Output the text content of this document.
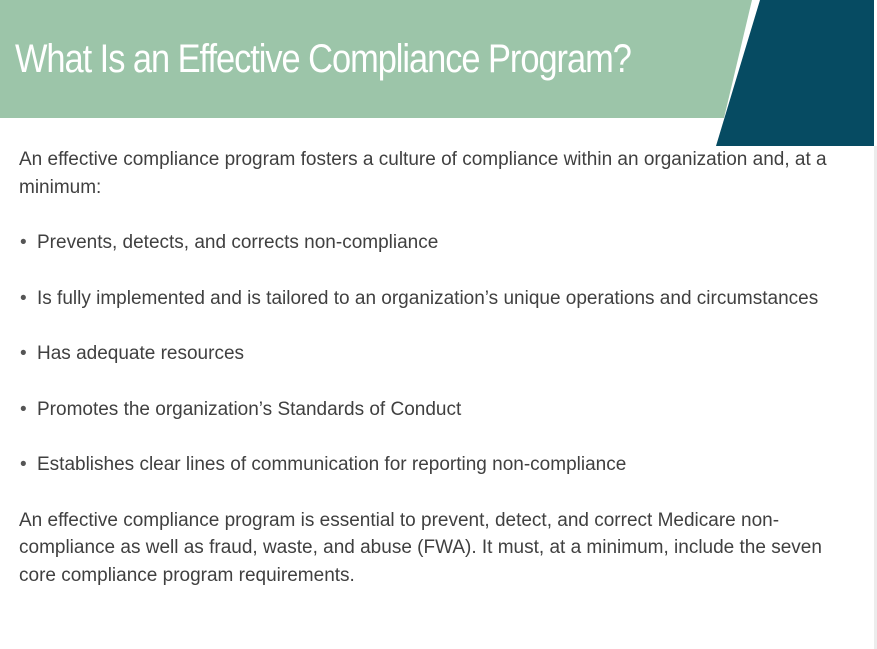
What Is an Effective Compliance Program?

An effective compliance program fosters a culture of compliance within an organization and, at a minimum:

• Prevents, detects, and corrects non-compliance
• Is fully implemented and is tailored to an organization’s unique operations and circumstances
• Has adequate resources
• Promotes the organization’s Standards of Conduct
• Establishes clear lines of communication for reporting non-compliance

An effective compliance program is essential to prevent, detect, and correct Medicare non-compliance as well as fraud, waste, and abuse (FWA). It must, at a minimum, include the seven core compliance program requirements.
